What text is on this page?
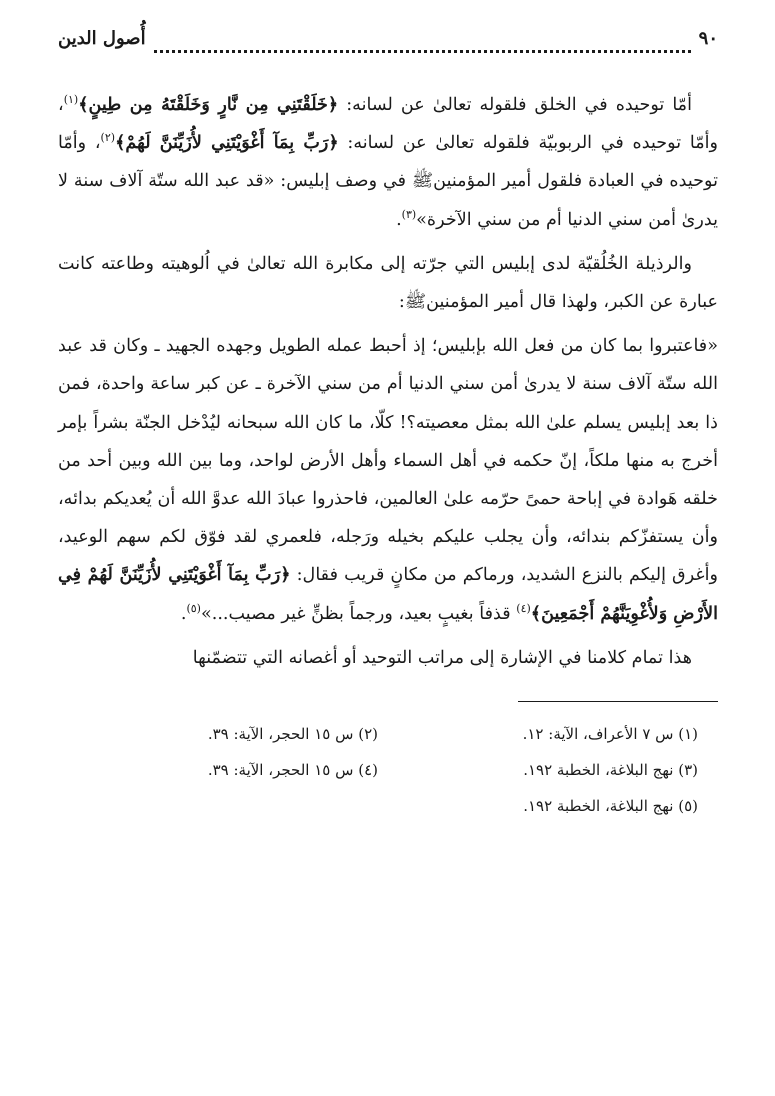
٩٠
أُصول الدين

أمّا توحيده في الخلق فلقوله تعالىٰ عن لسانه: ﴿خَلَقْتَنِي مِن نَّارٍ وَخَلَقْتَهُ مِن طِينٍ﴾$^{(١)}$، وأمّا توحيده في الربوبيّة فلقوله تعالىٰ عن لسانه: ﴿رَبِّ بِمَآ أَغْوَيْتَنِي لأُزَيِّنَنَّ لَهُمْ﴾$^{(٢)}$، وأمّا توحيده في العبادة فلقول أمير المؤمنينﷺ في وصف إبليس: «قد عبد الله ستّة آلاف سنة لا يدرىٰ أمن سني الدنيا أم من سني الآخرة»$^{(٣)}$.

والرذيلة الخُلُقيّة لدى إبليس التي جرّته إلى مكابرة الله تعالىٰ في اُلوهيته وطاعته كانت عبارة عن الكبر، ولهذا قال أمير المؤمنينﷺ:

«فاعتبروا بما كان من فعل الله بإبليس؛ إذ أحبط عمله الطويل وجهده الجهيد ـ وكان قد عبد الله ستّة آلاف سنة لا يدرىٰ أمن سني الدنيا أم من سني الآخرة ـ عن كبر ساعة واحدة، فمن ذا بعد إبليس يسلم علىٰ الله بمثل معصيته؟! كلّا، ما كان الله سبحانه ليُدْخل الجنّة بشراً بإمر أخرج به منها ملكاً، إنّ حكمه في أهل السماء وأهل الأرض لواحد، وما بين الله وبين أحد من خلقه هَوادة في إباحة حمىً حرّمه علىٰ العالمين، فاحذروا عبادَ الله عدوَّ الله أن يُعديكم بدائه، وأن يستفزّكم بندائه، وأن يجلب عليكم بخيله ورَجله، فلعمري لقد فوّق لكم سهم الوعيد، وأغرق إليكم بالنزع الشديد، ورماكم من مكانٍ قريب فقال: ﴿رَبِّ بِمَآ أَغْوَيْتَنِي لأُزَيِّنَنَّ لَهُمْ فِي الأَرْضِ وَلأُغْوِيَنَّهُمْ أَجْمَعِينَ﴾$^{(٤)}$ قذفاً بغيبٍ بعيد، ورجماً بظنٍّ غير مصيب...»$^{(٥)}$.

هذا تمام كلامنا في الإشارة إلى مراتب التوحيد أو أغصانه التي تتضمّنها

(١) س ٧ الأعراف، الآية: ١٢.
(٢) س ١٥ الحجر، الآية: ٣٩.
(٣) نهج البلاغة، الخطبة ١٩٢.
(٤) س ١٥ الحجر، الآية: ٣٩.
(٥) نهج البلاغة، الخطبة ١٩٢.
